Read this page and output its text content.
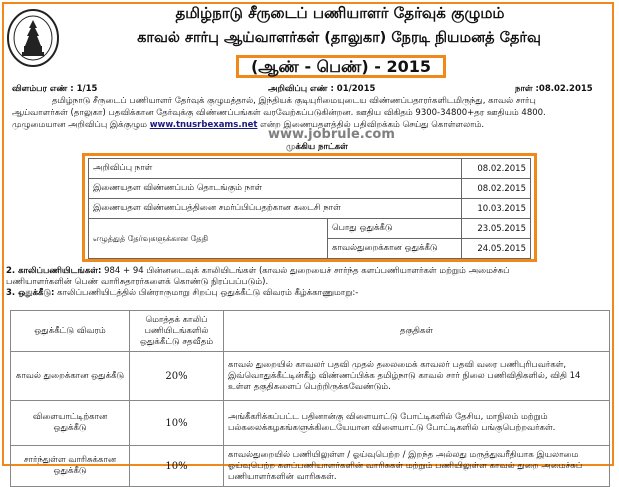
தமிழ்நாடு சீருடைப் பணியாளர் தேர்வுக் குழுமம்
காவல் சார்பு ஆய்வாளர்கள் (தாலுகா) நேரடி நியமனத் தேர்வு
(ஆண் - பெண்) - 2015
விளம்பர எண் : 1/15	அறிவிப்பு எண் : 01/2015	நாள் :08.02.2015
தமிழ்நாடு சீருடைப் பணியாளர் தேர்வுக் குழுமத்தால், இந்தியக் குடியுரிமையுடைய விண்ணப்பதாரர்களிடமிருந்து, காவல் சார்பு
ஆய்வாளர்கள் (தாலுகா) பதவிக்கான தேர்வுக்கு விண்ணப்பங்கள் வரவேற்கப்படுகின்றன. ஊதிய விகிதம் 9300-34800+தர ஊதியம் 4800.
முழுமையான அறிவிப்பு இக்குழும www.tnusrbexams.net என்ற இணையதளத்தில் பதிவிறக்கம் செய்து கொள்ளலாம்.
www.jobrule.com
முக்கிய நாட்கள்
அறிவிப்பு நாள்		08.02.2015
இணையதள விண்ணப்பம் தொடங்கும் நாள்		08.02.2015
இணையதள விண்ணப்பத்தினை சமர்ப்பிப்பதற்கான கடைசி நாள்		10.03.2015
எழுத்துத் தேர்வுகளுக்கான தேதி	பொது ஒதுக்கீடு	23.05.2015
	காவல்துறைக்கான ஒதுக்கீடு	24.05.2015
2. காலிப்பணியிடங்கள்: 984 + 94 பின்னடைவுக் காலியிடங்கள் (காவல் துறையைச் சார்ந்த களப்பணியாளர்கள் மற்றும் அமைச்சுப்
பணியாளர்களின் பெண் வாரிசுதாரர்களைக் கொண்டு நிரப்பப்படும்).
3. ஒதுக்கீடு: காலிப்பணியிடத்தில் பின்ராருமாறு சிறப்பு ஒதுக்கீட்டு விவரம் கீழ்க்காணுமாறு:-
ஒதுக்கீட்டு விவரம்	மொத்தக் காலிப் பணியிடங்களில் ஒதுக்கீட்டு சதவீதம்	தகுதிகள்
காவல் துறைக்கான ஒதுக்கீடு	20%	காவல் துறையில் காவலர் பதவி முதல் தலைமைக் காவலர் பதவி வரை பணிபுரிபவர்கள், இவ்வொதுக்கீட்டின்கீழ் விண்ணப்பிக்க தமிழ்நாடு காவல் சார் நிலை பணிவிதிகளில், விதி 14 உள்ள தகுதிகளைப் பெற்றிருக்கவேண்டும்.
விளையாட்டிற்கான ஒதுக்கீடு	10%	அங்கீகரிக்கப்பட்ட பதினான்கு விளையாட்டு போட்டிகளில் தேசிய, மாநிலம் மற்றும் பல்கலைக்கழகங்களுக்கிடையேயான விளையாட்டு போட்டிகளில் பங்குபெற்றவர்கள்.
சார்ந்துள்ள வாரிசுக்கான ஒதுக்கீடு	10%	காவல்துறையில் பணியிலுள்ள / ஓய்வுபெற்ற / இறந்த அல்லது மருத்துவரீதியாக இயலாமை ஓய்வுபெற்ற களப்பணியாளர்களின் வாரிசுகள் மற்றும் பணியிலுள்ள காவல் துறை அமைச்சுப் பணியாளர்களின் வாரிசுகள்.
